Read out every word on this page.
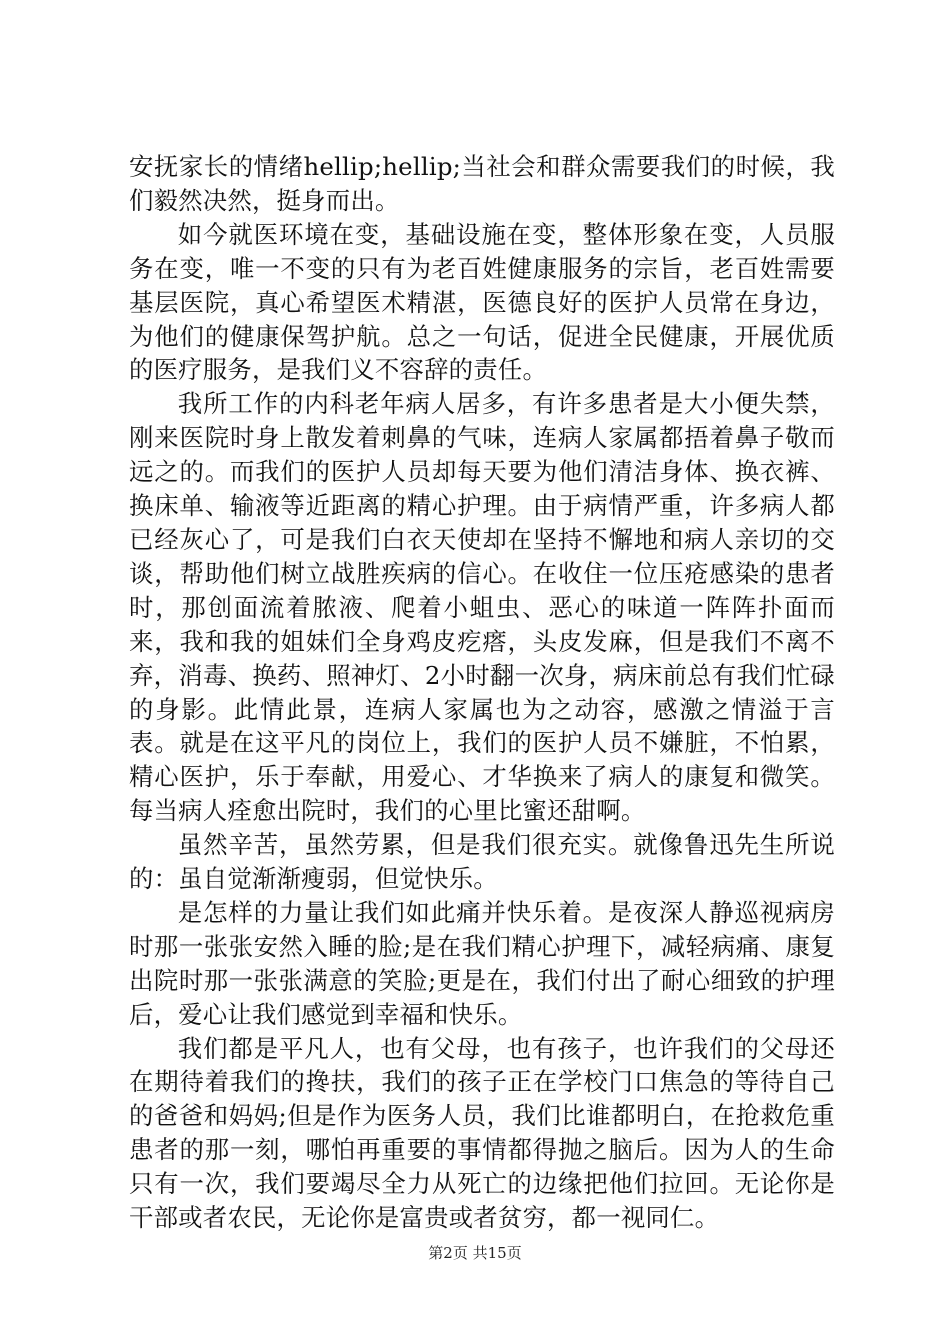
安抚家长的情绪hellip;hellip;当社会和群众需要我们的时候，我们毅然决然，挺身而出。

如今就医环境在变，基础设施在变，整体形象在变，人员服务在变，唯一不变的只有为老百姓健康服务的宗旨，老百姓需要基层医院，真心希望医术精湛，医德良好的医护人员常在身边，为他们的健康保驾护航。总之一句话，促进全民健康，开展优质的医疗服务，是我们义不容辞的责任。

我所工作的内科老年病人居多，有许多患者是大小便失禁，刚来医院时身上散发着刺鼻的气味，连病人家属都捂着鼻子敬而远之的。而我们的医护人员却每天要为他们清洁身体、换衣裤、换床单、输液等近距离的精心护理。由于病情严重，许多病人都已经灰心了，可是我们白衣天使却在坚持不懈地和病人亲切的交谈，帮助他们树立战胜疾病的信心。在收住一位压疮感染的患者时，那创面流着脓液、爬着小蛆虫、恶心的味道一阵阵扑面而来，我和我的姐妹们全身鸡皮疙瘩，头皮发麻，但是我们不离不弃，消毒、换药、照神灯、2小时翻一次身，病床前总有我们忙碌的身影。此情此景，连病人家属也为之动容，感激之情溢于言表。就是在这平凡的岗位上，我们的医护人员不嫌脏，不怕累，精心医护，乐于奉献，用爱心、才华换来了病人的康复和微笑。每当病人痊愈出院时，我们的心里比蜜还甜啊。

虽然辛苦，虽然劳累，但是我们很充实。就像鲁迅先生所说的：虽自觉渐渐瘦弱，但觉快乐。

是怎样的力量让我们如此痛并快乐着。是夜深人静巡视病房时那一张张安然入睡的脸;是在我们精心护理下，减轻病痛、康复出院时那一张张满意的笑脸;更是在，我们付出了耐心细致的护理后，爱心让我们感觉到幸福和快乐。

我们都是平凡人，也有父母，也有孩子，也许我们的父母还在期待着我们的搀扶，我们的孩子正在学校门口焦急的等待自己的爸爸和妈妈;但是作为医务人员，我们比谁都明白，在抢救危重患者的那一刻，哪怕再重要的事情都得抛之脑后。因为人的生命只有一次，我们要竭尽全力从死亡的边缘把他们拉回。无论你是干部或者农民，无论你是富贵或者贫穷，都一视同仁。

第2页 共15页
